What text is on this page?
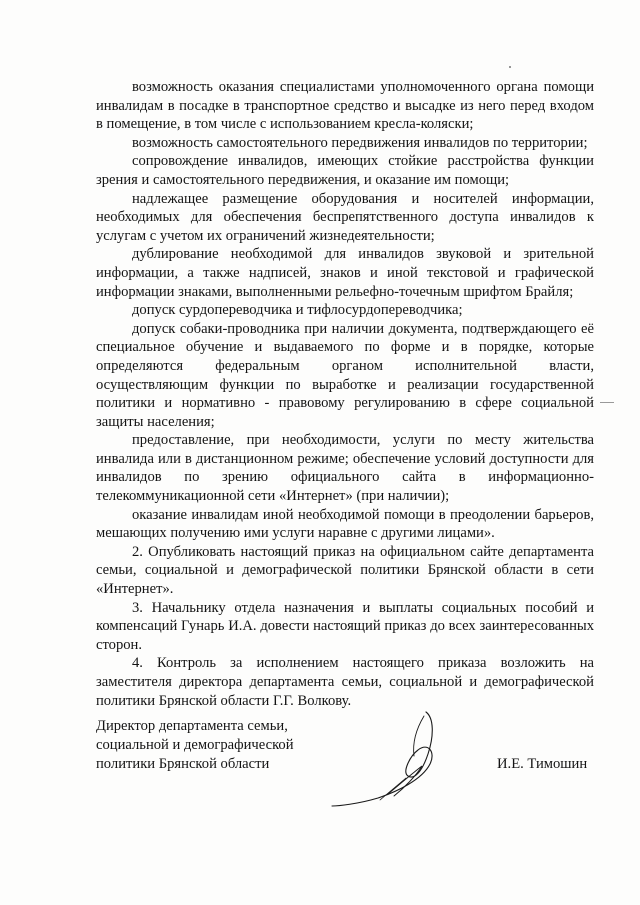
возможность оказания специалистами уполномоченного органа помощи инвалидам в посадке в транспортное средство и высадке из него перед входом в помещение, в том числе с использованием кресла-коляски;

возможность самостоятельного передвижения инвалидов по территории;

сопровождение инвалидов, имеющих стойкие расстройства функции зрения и самостоятельного передвижения, и оказание им помощи;

надлежащее размещение оборудования и носителей информации, необходимых для обеспечения беспрепятственного доступа инвалидов к услугам с учетом их ограничений жизнедеятельности;

дублирование необходимой для инвалидов звуковой и зрительной информации, а также надписей, знаков и иной текстовой и графической информации знаками, выполненными рельефно-точечным шрифтом Брайля;

допуск сурдопереводчика и тифлосурдопереводчика;

допуск собаки-проводника при наличии документа, подтверждающего её специальное обучение и выдаваемого по форме и в порядке, которые определяются федеральным органом исполнительной власти, осуществляющим функции по выработке и реализации государственной политики и нормативно - правовому регулированию в сфере социальной защиты населения;

предоставление, при необходимости, услуги по месту жительства инвалида или в дистанционном режиме; обеспечение условий доступности для инвалидов по зрению официального сайта в информационно-телекоммуникационной сети «Интернет» (при наличии);

оказание инвалидам иной необходимой помощи в преодолении барьеров, мешающих получению ими услуги наравне с другими лицами».

2. Опубликовать настоящий приказ на официальном сайте департамента семьи, социальной и демографической политики Брянской области в сети «Интернет».

3. Начальнику отдела назначения и выплаты социальных пособий и компенсаций Гунарь И.А. довести настоящий приказ до всех заинтересованных сторон.

4. Контроль за исполнением настоящего приказа возложить на заместителя директора департамента семьи, социальной и демографической политики Брянской области Г.Г. Волкову.

Директор департамента семьи,
социальной и демографической
политики Брянской области	И.Е. Тимошин
